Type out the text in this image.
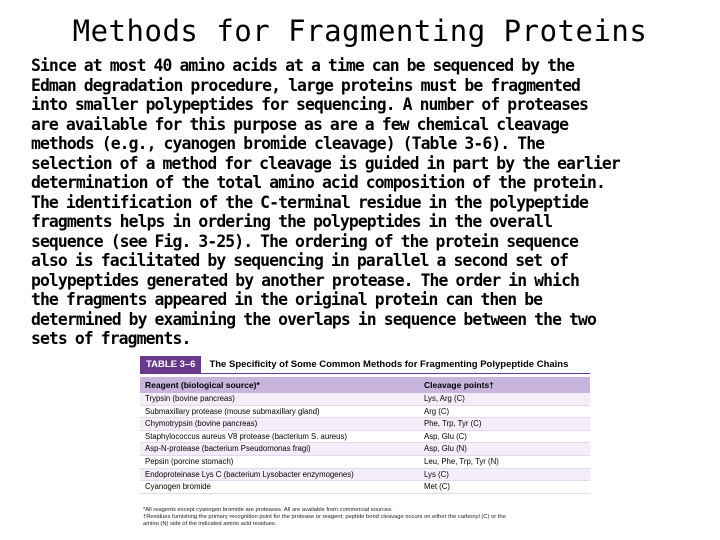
Methods for Fragmenting Proteins
Since at most 40 amino acids at a time can be sequenced by the
Edman degradation procedure, large proteins must be fragmented
into smaller polypeptides for sequencing. A number of proteases
are available for this purpose as are a few chemical cleavage
methods (e.g., cyanogen bromide cleavage) (Table 3-6). The
selection of a method for cleavage is guided in part by the earlier
determination of the total amino acid composition of the protein.
The identification of the C-terminal residue in the polypeptide
fragments helps in ordering the polypeptides in the overall
sequence (see Fig. 3-25). The ordering of the protein sequence
also is facilitated by sequencing in parallel a second set of
polypeptides generated by another protease. The order in which
the fragments appeared in the original protein can then be
determined by examining the overlaps in sequence between the two
sets of fragments.
TABLE 3–6	The Specificity of Some Common Methods for Fragmenting Polypeptide Chains
Reagent (biological source)*	Cleavage points†
Trypsin (bovine pancreas)	Lys, Arg (C)
Submaxillary protease (mouse submaxillary gland)	Arg (C)
Chymotrypsin (bovine pancreas)	Phe, Trp, Tyr (C)
Staphylococcus aureus V8 protease (bacterium S. aureus)	Asp, Glu (C)
Asp-N-protease (bacterium Pseudomonas fragi)	Asp, Glu (N)
Pepsin (porcine stomach)	Leu, Phe, Trp, Tyr (N)
Endoproteinase Lys C (bacterium Lysobacter enzymogenes)	Lys (C)
Cyanogen bromide	Met (C)
*All reagents except cyanogen bromide are proteases. All are available from commercial sources.
†Residues furnishing the primary recognition point for the protease or reagent; peptide bond cleavage occurs on either the carbonyl (C) or the
amino (N) side of the indicated amino acid residues.
